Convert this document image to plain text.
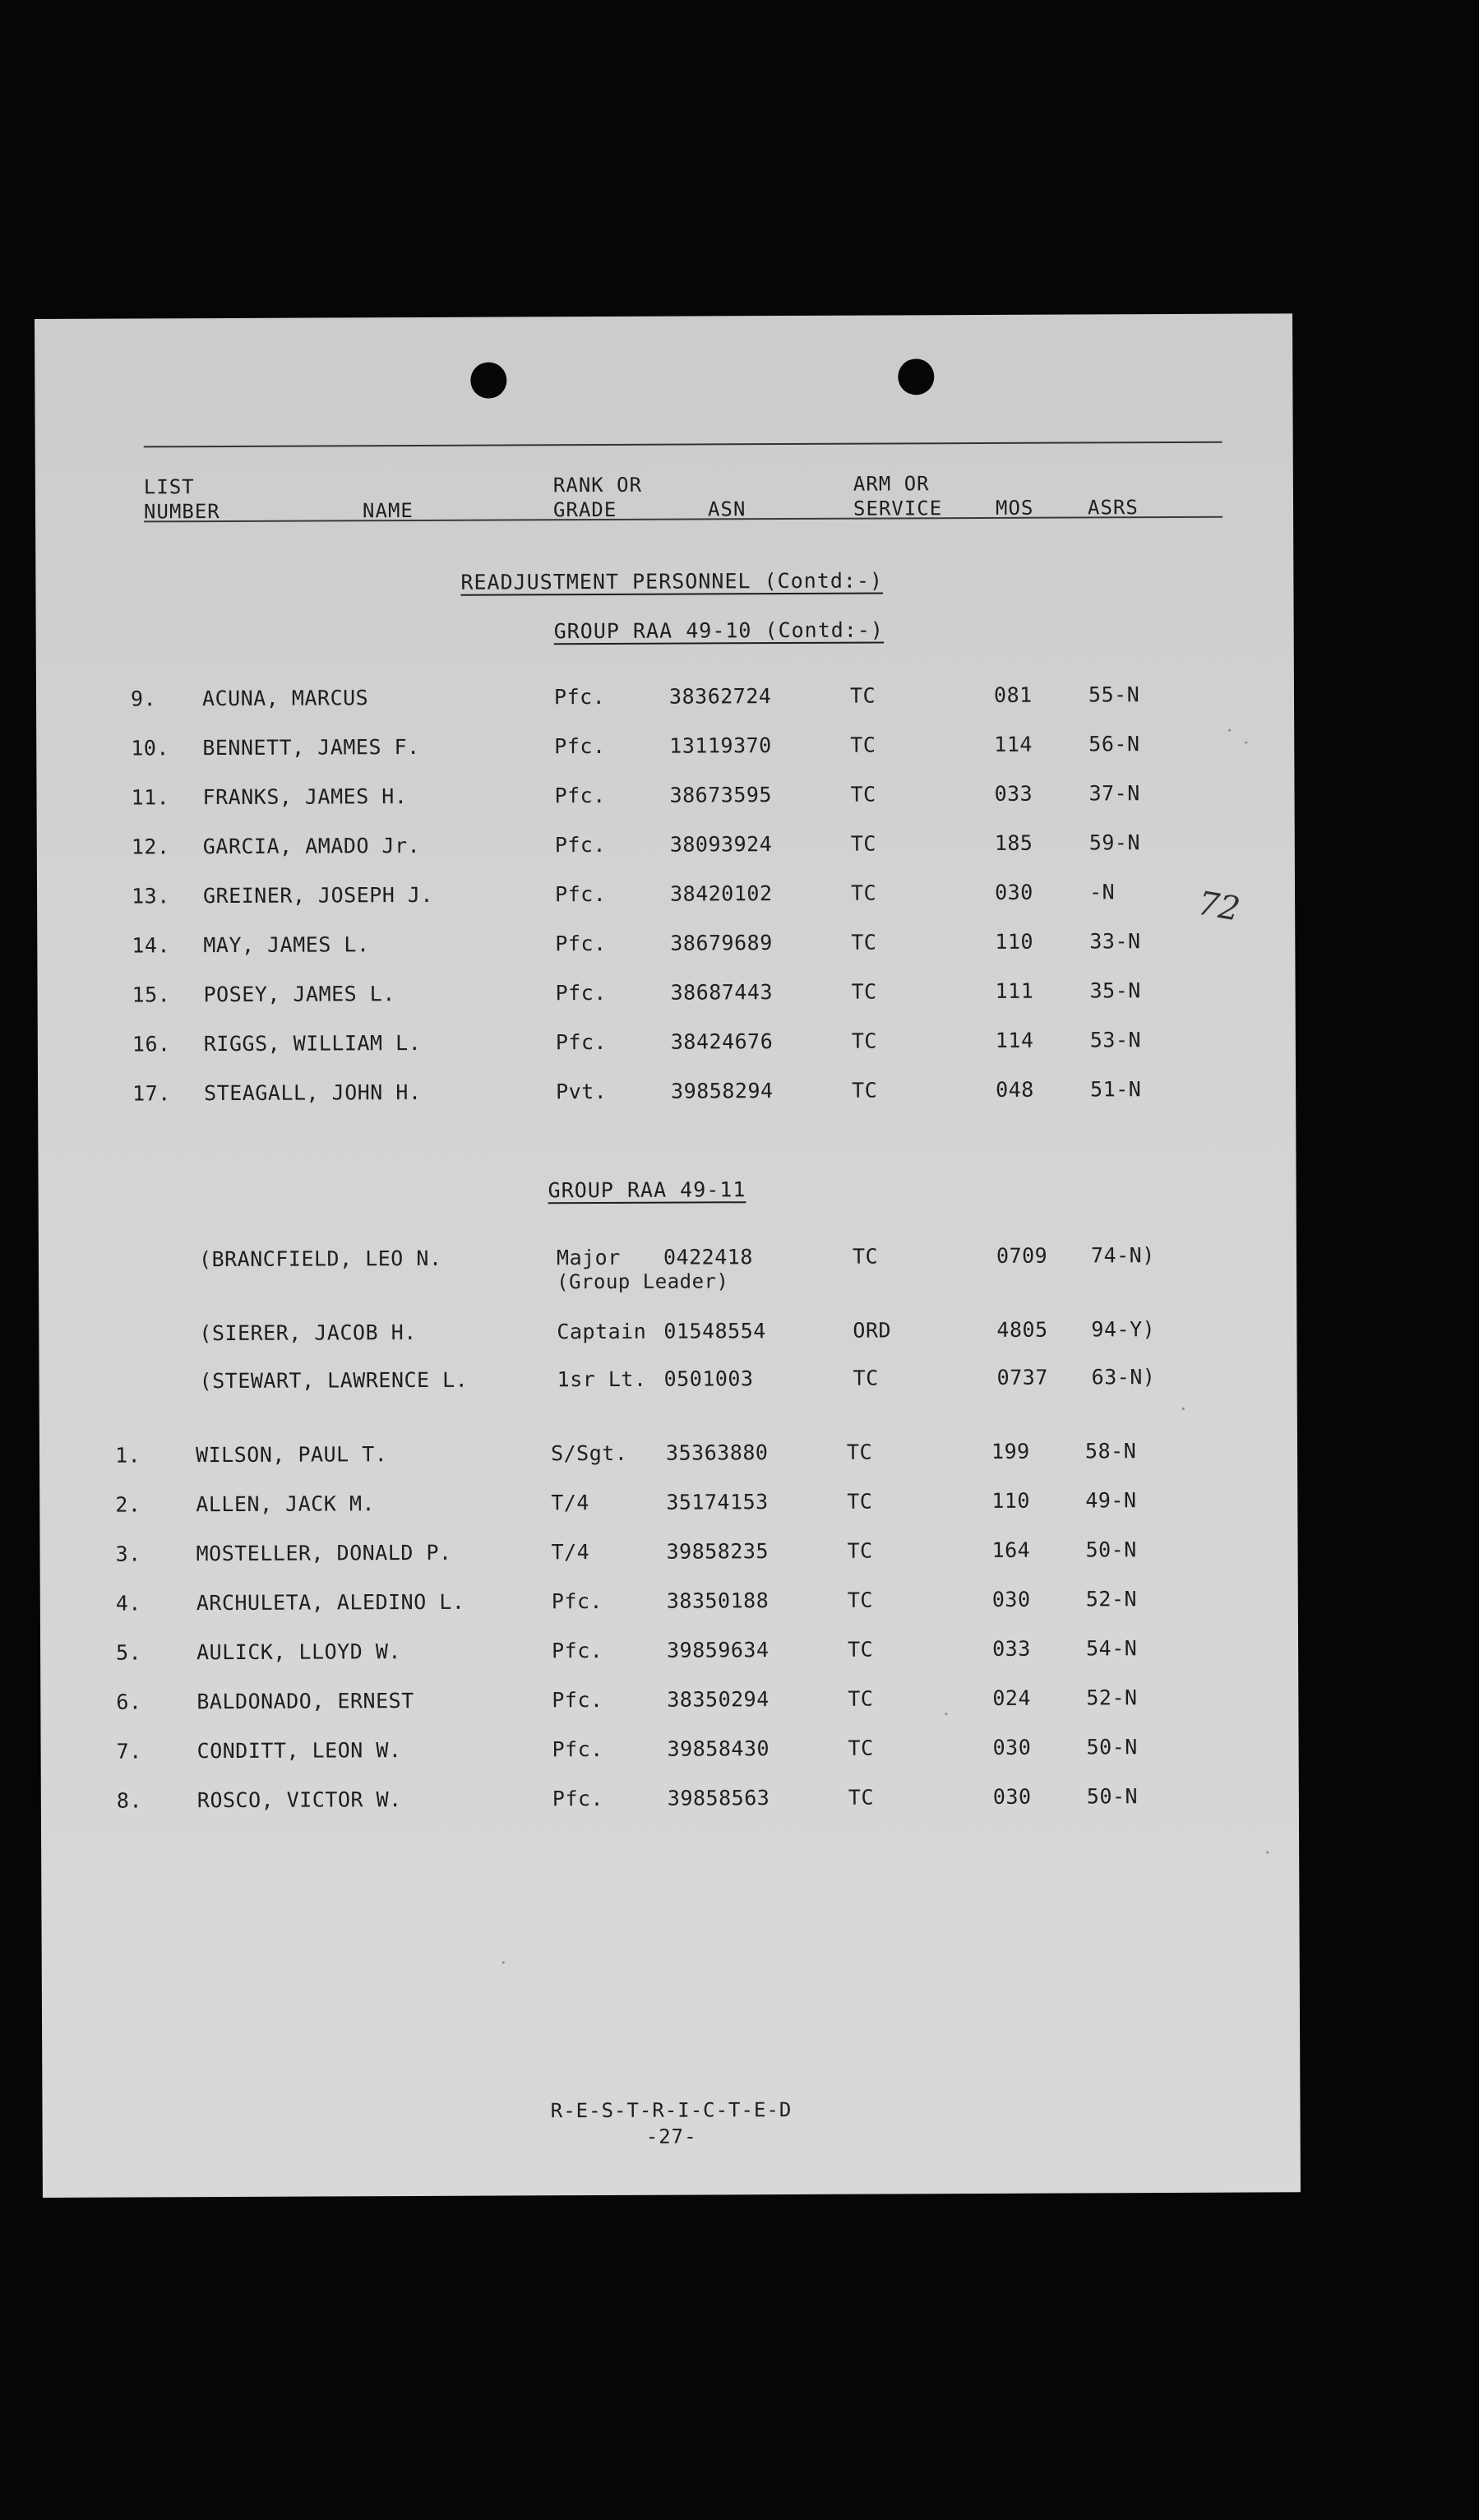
LIST
NUMBER	NAME
RANK OR
GRADE	ASN
ARM OR
SERVICE	MOS	ASRS
READJUSTMENT PERSONNEL (Contd:-)
GROUP RAA 49-10 (Contd:-)
9. ACUNA, MARCUS	Pfc.	38362724	TC	081	55-N
10. BENNETT, JAMES F.	Pfc.	13119370	TC	114	56-N
11. FRANKS, JAMES H.	Pfc.	38673595	TC	033	37-N
12. GARCIA, AMADO Jr.	Pfc.	38093924	TC	185	59-N
13. GREINER, JOSEPH J.	Pfc.	38420102	TC	030	-N
14. MAY, JAMES L.	Pfc.	38679689	TC	110	33-N
15. POSEY, JAMES L.	Pfc.	38687443	TC	111	35-N
16. RIGGS, WILLIAM L.	Pfc.	38424676	TC	114	53-N
17. STEAGALL, JOHN H.	Pvt.	39858294	TC	048	51-N
72
GROUP RAA 49-11
(BRANCFIELD, LEO N.	Major 0422418	TC	0709 74-N)
(Group Leader)
(SIERER, JACOB H.	Captain 01548554	ORD	4805 94-Y)
(STEWART, LAWRENCE L.	1sr Lt. 0501003	TC	0737 63-N)
1.	WILSON, PAUL T.	S/Sgt. 35363880	TC	199	58-N
2.	ALLEN, JACK M.	T/4	35174153	TC	110	49-N
3.	MOSTELLER, DONALD P.	T/4	39858235	TC	164	50-N
4.	ARCHULETA, ALEDINO L.	Pfc.	38350188	TC	030	52-N
5.	AULICK, LLOYD W.	Pfc.	39859634	TC	033	54-N
6.	BALDONADO, ERNEST	Pfc.	38350294	TC	024	52-N
7.	CONDITT, LEON W.	Pfc.	39858430	TC	030	50-N
8.	ROSCO, VICTOR W.	Pfc.	39858563	TC	030	50-N
R-E-S-T-R-I-C-T-E-D
-27-
